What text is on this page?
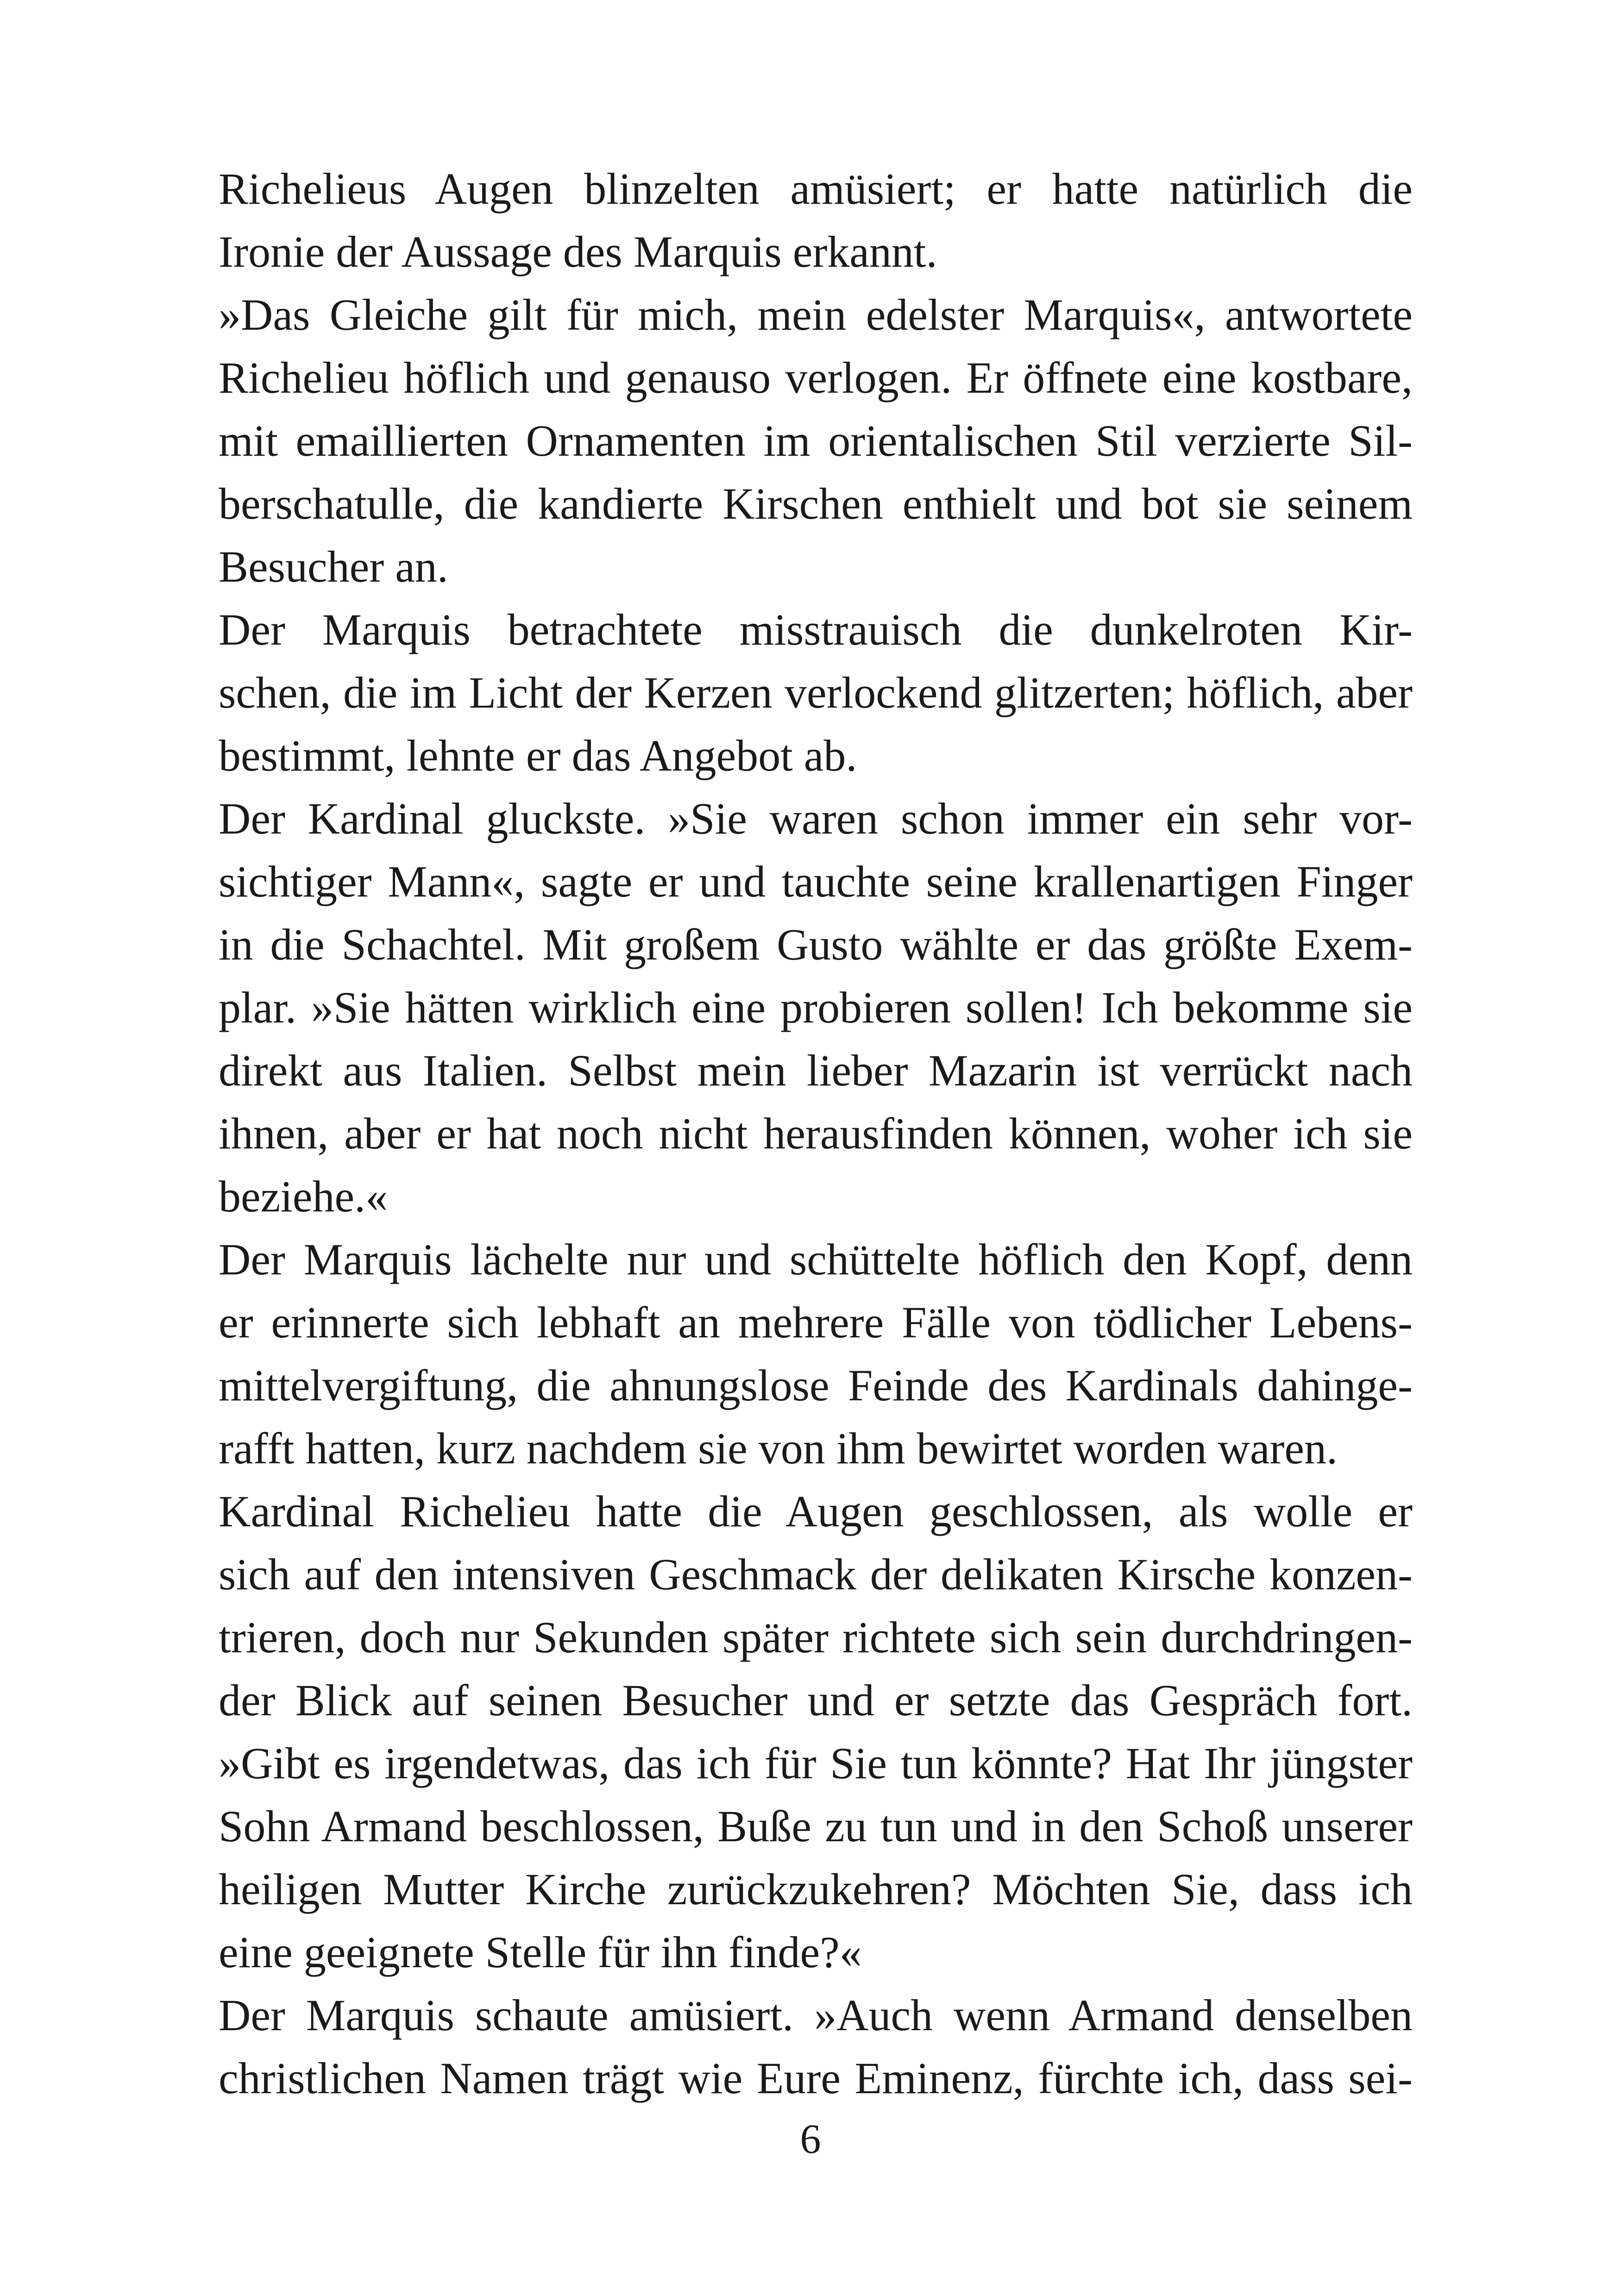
Richelieus Augen blinzelten amüsiert; er hatte natürlich die
Ironie der Aussage des Marquis erkannt.

»Das Gleiche gilt für mich, mein edelster Marquis«, antwortete
Richelieu höflich und genauso verlogen. Er öffnete eine kostbare,
mit emaillierten Ornamenten im orientalischen Stil verzierte Sil-
berschatulle, die kandierte Kirschen enthielt und bot sie seinem
Besucher an.

Der Marquis betrachtete misstrauisch die dunkelroten Kir-
schen, die im Licht der Kerzen verlockend glitzerten; höflich, aber
bestimmt, lehnte er das Angebot ab.

Der Kardinal gluckste. »Sie waren schon immer ein sehr vor-
sichtiger Mann«, sagte er und tauchte seine krallenartigen Finger
in die Schachtel. Mit großem Gusto wählte er das größte Exem-
plar. »Sie hätten wirklich eine probieren sollen! Ich bekomme sie
direkt aus Italien. Selbst mein lieber Mazarin ist verrückt nach
ihnen, aber er hat noch nicht herausfinden können, woher ich sie
beziehe.«

Der Marquis lächelte nur und schüttelte höflich den Kopf, denn
er erinnerte sich lebhaft an mehrere Fälle von tödlicher Lebens-
mittelvergiftung, die ahnungslose Feinde des Kardinals dahinge-
rafft hatten, kurz nachdem sie von ihm bewirtet worden waren.

Kardinal Richelieu hatte die Augen geschlossen, als wolle er
sich auf den intensiven Geschmack der delikaten Kirsche konzen-
trieren, doch nur Sekunden später richtete sich sein durchdringen-
der Blick auf seinen Besucher und er setzte das Gespräch fort.
»Gibt es irgendetwas, das ich für Sie tun könnte? Hat Ihr jüngster
Sohn Armand beschlossen, Buße zu tun und in den Schoß unserer
heiligen Mutter Kirche zurückzukehren? Möchten Sie, dass ich
eine geeignete Stelle für ihn finde?«

Der Marquis schaute amüsiert. »Auch wenn Armand denselben
christlichen Namen trägt wie Eure Eminenz, fürchte ich, dass sei-

6
